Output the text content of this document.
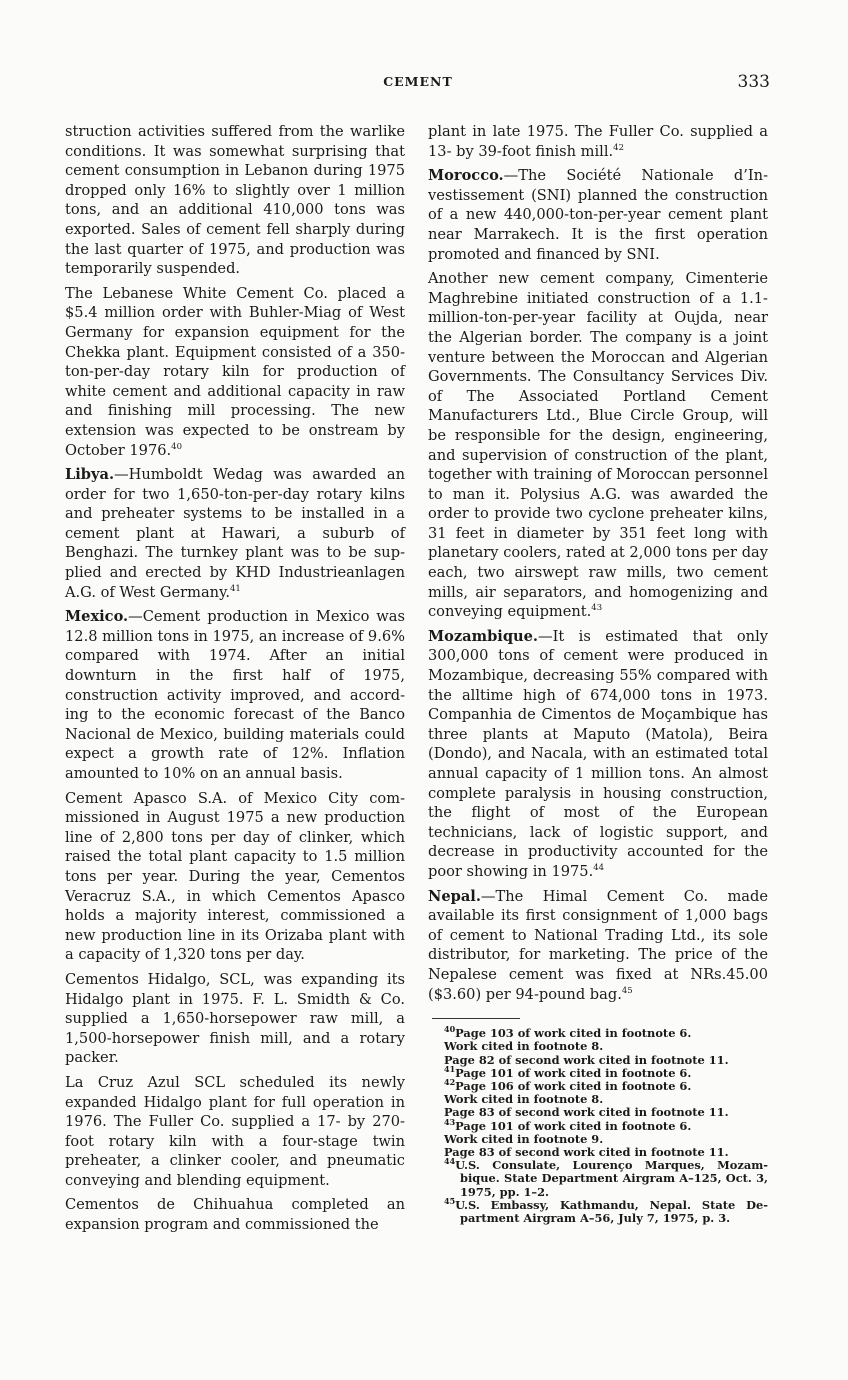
CEMENT	333

struction activities suffered from the warlike conditions. It was somewhat surprising that cement consumption in Lebanon during 1975 dropped only 16% to slightly over 1 million tons, and an additional 410,000 tons was exported. Sales of cement fell sharply during the last quarter of 1975, and production was temporarily suspended.

The Lebanese White Cement Co. placed a $5.4 million order with Buhler-Miag of West Germany for expansion equipment for the Chekka plant. Equipment consisted of a 350-ton-per-day rotary kiln for production of white cement and additional capacity in raw and finishing mill processing. The new extension was expected to be onstream by October 1976.40

Libya.—Humboldt Wedag was awarded an order for two 1,650-ton-per-day rotary kilns and preheater systems to be installed in a cement plant at Hawari, a suburb of Benghazi. The turnkey plant was to be supplied and erected by KHD Industrieanlagen A.G. of West Germany.$^{41}$

Mexico.—Cement production in Mexico was 12.8 million tons in 1975, an increase of 9.6% compared with 1974. After an initial downturn in the first half of 1975, construction activity improved, and according to the economic forecast of the Banco Nacional de Mexico, building materials could expect a growth rate of 12%. Inflation amounted to 10% on an annual basis.

Cement Apasco S.A. of Mexico City commissioned in August 1975 a new production line of 2,800 tons per day of clinker, which raised the total plant capacity to 1.5 million tons per year. During the year, Cementos Veracruz S.A., in which Cementos Apasco holds a majority interest, commissioned a new production line in its Orizaba plant with a capacity of 1,320 tons per day.

Cementos Hidalgo, SCL, was expanding its Hidalgo plant in 1975. F. L. Smidth & Co. supplied a 1,650-horsepower raw mill, a 1,500-horsepower finish mill, and a rotary packer.

La Cruz Azul SCL scheduled its newly expanded Hidalgo plant for full operation in 1976. The Fuller Co. supplied a 17- by 270-foot rotary kiln with a four-stage twin preheater, a clinker cooler, and pneumatic conveying and blending equipment.

Cementos de Chihuahua completed an expansion program and commissioned the

plant in late 1975. The Fuller Co. supplied a 13- by 39-foot finish mill.$^{42}$

Morocco.—The Société Nationale d’Investissement (SNI) planned the construction of a new 440,000-ton-per-year cement plant near Marrakech. It is the first operation promoted and financed by SNI.

Another new cement company, Cimenterie Maghrebine initiated construction of a 1.1-million-ton-per-year facility at Oujda, near the Algerian border. The company is a joint venture between the Moroccan and Algerian Governments. The Consultancy Services Div. of The Associated Portland Cement Manufacturers Ltd., Blue Circle Group, will be responsible for the design, engineering, and supervision of construction of the plant, together with training of Moroccan personnel to man it. Polysius A.G. was awarded the order to provide two cyclone preheater kilns, 31 feet in diameter by 351 feet long with planetary coolers, rated at 2,000 tons per day each, two airswept raw mills, two cement mills, air separators, and homogenizing and conveying equipment.$^{43}$

Mozambique.—It is estimated that only 300,000 tons of cement were produced in Mozambique, decreasing 55% compared with the alltime high of 674,000 tons in 1973. Companhia de Cimentos de Moçambique has three plants at Maputo (Matola), Beira (Dondo), and Nacala, with an estimated total annual capacity of 1 million tons. An almost complete paralysis in housing construction, the flight of most of the European technicians, lack of logistic support, and decrease in productivity accounted for the poor showing in 1975.44

Nepal.—The Himal Cement Co. made available its first consignment of 1,000 bags of cement to National Trading Ltd., its sole distributor, for marketing. The price of the Nepalese cement was fixed at NRs.45.00 ($3.60) per 94-pound bag.$^{45}$

$^{40}$Page 103 of work cited in footnote 6.
Work cited in footnote 8.
Page 82 of second work cited in footnote 11.
$^{41}$Page 101 of work cited in footnote 6.
$^{42}$Page 106 of work cited in footnote 6.
Work cited in footnote 8.
Page 83 of second work cited in footnote 11.
$^{43}$Page 101 of work cited in footnote 6.
Work cited in footnote 9.
Page 83 of second work cited in footnote 11.
$^{44}$U.S. Consulate, Lourenço Marques, Mozambique. State Department Airgram A–125, Oct. 3, 1975, pp. 1–2.
$^{45}$U.S. Embassy, Kathmandu, Nepal. State Department Airgram A–56, July 7, 1975, p. 3.
